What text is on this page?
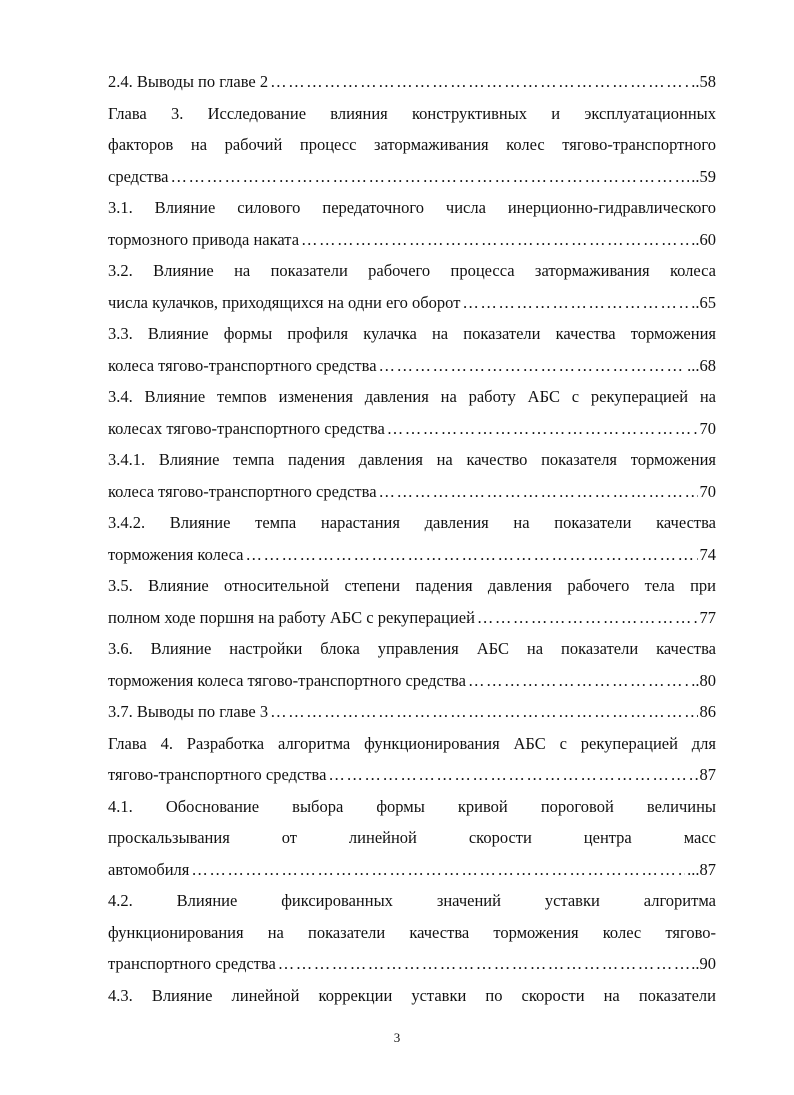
2.4. Выводы по главе 2 …………………………………………………………………………………………………………………………………………………	..58
Глава 3. Исследование влияния конструктивных и эксплуатационных
факторов на рабочий процесс затормаживания колес тягово-транспортного
средства …………………………………………………………………………………………………………………………………………………	..59
3.1. Влияние силового передаточного числа инерционно-гидравлического
тормозного привода наката …………………………………………………………………………………………………………………………………………………	..60
3.2. Влияние на показатели рабочего процесса затормаживания колеса
числа кулачков, приходящихся на одни его оборот …………………………………………………………………………………………………………………………………………………	..65
3.3. Влияние формы профиля кулачка на показатели качества торможения
колеса тягово-транспортного средства …………………………………………………………………………………………………………………………………………………	...68
3.4. Влияние темпов изменения давления на работу АБС с рекуперацией на
колесах тягово-транспортного средства …………………………………………………………………………………………………………………………………………………	70
3.4.1. Влияние темпа падения давления на качество показателя торможения
колеса тягово-транспортного средства …………………………………………………………………………………………………………………………………………………	70
3.4.2. Влияние темпа нарастания давления на показатели качества
торможения колеса …………………………………………………………………………………………………………………………………………………	74
3.5. Влияние относительной степени падения давления рабочего тела при
полном ходе поршня на работу АБС с рекуперацией …………………………………………………………………………………………………………………………………………………	77
3.6. Влияние настройки блока управления АБС на показатели качества
торможения колеса тягово-транспортного средства …………………………………………………………………………………………………………………………………………………	..80
3.7. Выводы по главе 3 …………………………………………………………………………………………………………………………………………………	86
Глава 4. Разработка алгоритма функционирования АБС с рекуперацией для
тягово-транспортного средства …………………………………………………………………………………………………………………………………………………	87
4.1. Обоснование выбора формы кривой пороговой величины
проскальзывания от линейной скорости центра масс
автомобиля …………………………………………………………………………………………………………………………………………………	...87
4.2. Влияние фиксированных значений уставки алгоритма
функционирования на показатели качества торможения колес тягово-
транспортного средства …………………………………………………………………………………………………………………………………………………	..90
4.3. Влияние линейной коррекции уставки по скорости на показатели
3
